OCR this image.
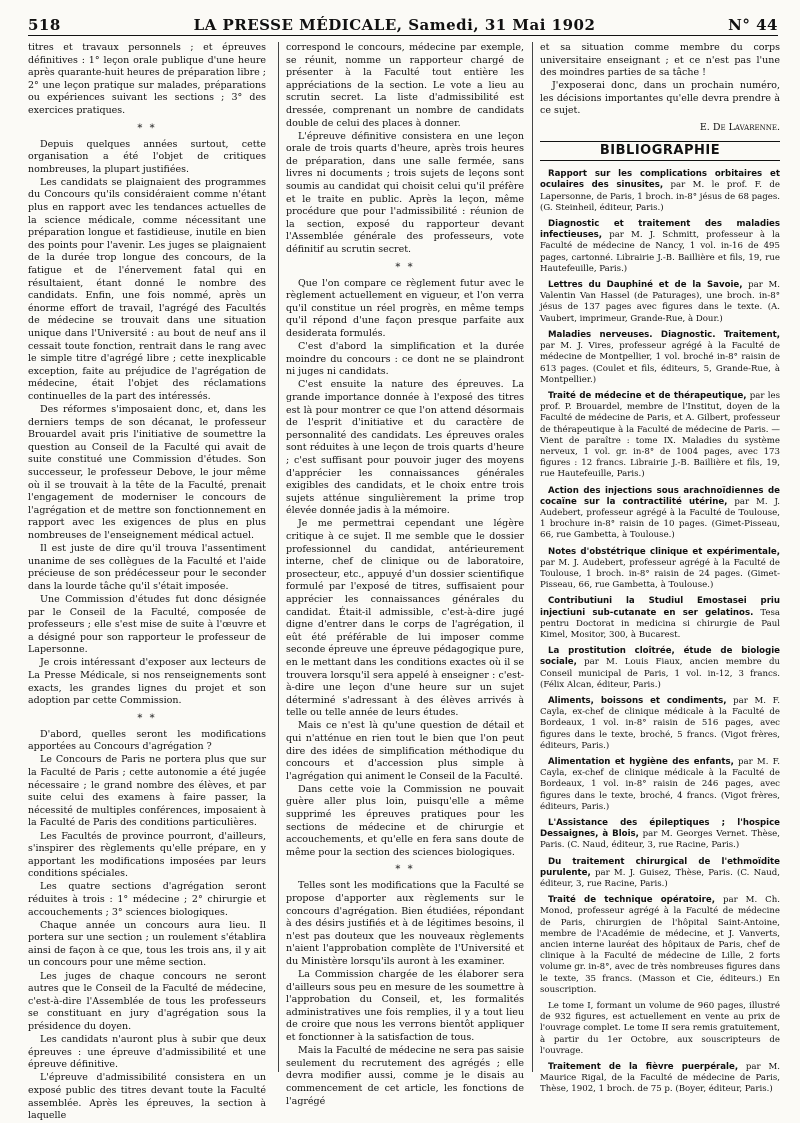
518	LA PRESSE MÉDICALE, Samedi, 31 Mai 1902	N° 44

titres et travaux personnels ; et épreuves définitives : 1° leçon orale publique d'une heure après quarante-huit heures de préparation libre ; 2° une leçon pratique sur malades, préparations ou expériences suivant les sections ; 3° des exercices pratiques.

* *

Depuis quelques années surtout, cette organisation a été l'objet de critiques nombreuses, la plupart justifiées.

Les candidats se plaignaient des programmes du Concours qu'ils considéraient comme n'étant plus en rapport avec les tendances actuelles de la science médicale, comme nécessitant une préparation longue et fastidieuse, inutile en bien des points pour l'avenir. Les juges se plaignaient de la durée trop longue des concours, de la fatigue et de l'énervement fatal qui en résultaient, étant donné le nombre des candidats. Enfin, une fois nommé, après un énorme effort de travail, l'agrégé des Facultés de médecine se trouvait dans une situation unique dans l'Université : au bout de neuf ans il cessait toute fonction, rentrait dans le rang avec le simple titre d'agrégé libre ; cette inexplicable exception, faite au préjudice de l'agrégation de médecine, était l'objet des réclamations continuelles de la part des intéressés.

Des réformes s'imposaient donc, et, dans les derniers temps de son décanat, le professeur Brouardel avait pris l'initiative de soumettre la question au Conseil de la Faculté qui avait de suite constitué une Commission d'études. Son successeur, le professeur Debove, le jour même où il se trouvait à la tête de la Faculté, prenait l'engagement de moderniser le concours de l'agrégation et de mettre son fonctionnement en rapport avec les exigences de plus en plus nombreuses de l'enseignement médical actuel.

Il est juste de dire qu'il trouva l'assentiment unanime de ses collègues de la Faculté et l'aide précieuse de son prédécesseur pour le seconder dans la lourde tâche qu'il s'était imposée.

Une Commission d'études fut donc désignée par le Conseil de la Faculté, composée de professeurs ; elle s'est mise de suite à l'œuvre et a désigné pour son rapporteur le professeur de Lapersonne.

Je crois intéressant d'exposer aux lecteurs de La Presse Médicale, si nos renseignements sont exacts, les grandes lignes du projet et son adoption par cette Commission.

* *

D'abord, quelles seront les modifications apportées au Concours d'agrégation ?

Le Concours de Paris ne portera plus que sur la Faculté de Paris ; cette autonomie a été jugée nécessaire ; le grand nombre des élèves, et par suite celui des examens à faire passer, la nécessité de multiples conférences, imposaient à la Faculté de Paris des conditions particulières.

Les Facultés de province pourront, d'ailleurs, s'inspirer des règlements qu'elle prépare, en y apportant les modifications imposées par leurs conditions spéciales.

Les quatre sections d'agrégation seront réduites à trois : 1° médecine ; 2° chirurgie et accouchements ; 3° sciences biologiques.

Chaque année un concours aura lieu. Il portera sur une section ; un roulement s'établira ainsi de façon à ce que, tous les trois ans, il y ait un concours pour une même section.

Les juges de chaque concours ne seront autres que le Conseil de la Faculté de médecine, c'est-à-dire l'Assemblée de tous les professeurs se constituant en jury d'agrégation sous la présidence du doyen.

Les candidats n'auront plus à subir que deux épreuves : une épreuve d'admissibilité et une épreuve définitive.

L'épreuve d'admissibilité consistera en un exposé public des titres devant toute la Faculté assemblée. Après les épreuves, la section à laquelle

correspond le concours, médecine par exemple, se réunit, nomme un rapporteur chargé de présenter à la Faculté tout entière les appréciations de la section. Le vote a lieu au scrutin secret. La liste d'admissibilité est dressée, comprenant un nombre de candidats double de celui des places à donner.

L'épreuve définitive consistera en une leçon orale de trois quarts d'heure, après trois heures de préparation, dans une salle fermée, sans livres ni documents ; trois sujets de leçons sont soumis au candidat qui choisit celui qu'il préfère et le traite en public. Après la leçon, même procédure que pour l'admissibilité : réunion de la section, exposé du rapporteur devant l'Assemblée générale des professeurs, vote définitif au scrutin secret.

* *

Que l'on compare ce règlement futur avec le règlement actuellement en vigueur, et l'on verra qu'il constitue un réel progrès, en même temps qu'il répond d'une façon presque parfaite aux desiderata formulés.

C'est d'abord la simplification et la durée moindre du concours : ce dont ne se plaindront ni juges ni candidats.

C'est ensuite la nature des épreuves. La grande importance donnée à l'exposé des titres est là pour montrer ce que l'on attend désormais de l'esprit d'initiative et du caractère de personnalité des candidats. Les épreuves orales sont réduites à une leçon de trois quarts d'heure ; c'est suffisant pour pouvoir juger des moyens d'apprécier les connaissances générales exigibles des candidats, et le choix entre trois sujets atténue singulièrement la prime trop élevée donnée jadis à la mémoire.

Je me permettrai cependant une légère critique à ce sujet. Il me semble que le dossier professionnel du candidat, antérieurement interne, chef de clinique ou de laboratoire, prosecteur, etc., appuyé d'un dossier scientifique formulé par l'exposé de titres, suffisaient pour apprécier les connaissances générales du candidat. Était-il admissible, c'est-à-dire jugé digne d'entrer dans le corps de l'agrégation, il eût été préférable de lui imposer comme seconde épreuve une épreuve pédagogique pure, en le mettant dans les conditions exactes où il se trouvera lorsqu'il sera appelé à enseigner : c'est-à-dire une leçon d'une heure sur un sujet déterminé s'adressant à des élèves arrivés à telle ou telle année de leurs études.

Mais ce n'est là qu'une question de détail et qui n'atténue en rien tout le bien que l'on peut dire des idées de simplification méthodique du concours et d'accession plus simple à l'agrégation qui animent le Conseil de la Faculté.

Dans cette voie la Commission ne pouvait guère aller plus loin, puisqu'elle a même supprimé les épreuves pratiques pour les sections de médecine et de chirurgie et accouchements, et qu'elle en fera sans doute de même pour la section des sciences biologiques.

* *

Telles sont les modifications que la Faculté se propose d'apporter aux règlements sur le concours d'agrégation. Bien étudiées, répondant à des désirs justifiés et à de légitimes besoins, il n'est pas douteux que les nouveaux règlements n'aient l'approbation complète de l'Université et du Ministère lorsqu'ils auront à les examiner.

La Commission chargée de les élaborer sera d'ailleurs sous peu en mesure de les soumettre à l'approbation du Conseil, et, les formalités administratives une fois remplies, il y a tout lieu de croire que nous les verrons bientôt appliquer et fonctionner à la satisfaction de tous.

Mais la Faculté de médecine ne sera pas saisie seulement du recrutement des agrégés ; elle devra modifier aussi, comme je le disais au commencement de cet article, les fonctions de l'agrégé

et sa situation comme membre du corps universitaire enseignant ; et ce n'est pas l'une des moindres parties de sa tâche !

J'exposerai donc, dans un prochain numéro, les décisions importantes qu'elle devra prendre à ce sujet.

E. De Lavarenne.
BIBLIOGRAPHIE

Rapport sur les complications orbitaires et oculaires des sinusites, par M. le prof. F. de Lapersonne, de Paris, 1 broch. in-8° jésus de 68 pages. (G. Steinheil, éditeur, Paris.)

Diagnostic et traitement des maladies infectieuses, par M. J. Schmitt, professeur à la Faculté de médecine de Nancy, 1 vol. in-16 de 495 pages, cartonné. Librairie J.-B. Baillière et fils, 19, rue Hautefeuille, Paris.)

Lettres du Dauphiné et de la Savoie, par M. Valentin Van Hassel (de Paturages), une broch. in-8° jésus de 137 pages avec figures dans le texte. (A. Vaubert, imprimeur, Grande-Rue, à Dour.)

Maladies nerveuses. Diagnostic. Traitement, par M. J. Vires, professeur agrégé à la Faculté de médecine de Montpellier, 1 vol. broché in-8° raisin de 613 pages. (Coulet et fils, éditeurs, 5, Grande-Rue, à Montpellier.)

Traité de médecine et de thérapeutique, par les prof. P. Brouardel, membre de l'Institut, doyen de la Faculté de médecine de Paris, et A. Gilbert, professeur de thérapeutique à la Faculté de médecine de Paris. — Vient de paraître : tome IX. Maladies du système nerveux, 1 vol. gr. in-8° de 1004 pages, avec 173 figures : 12 francs. Librairie J.-B. Baillière et fils, 19, rue Hautefeuille, Paris.)

Action des injections sous arachnoïdiennes de cocaïne sur la contractilité utérine, par M. J. Audebert, professeur agrégé à la Faculté de Toulouse, 1 brochure in-8° raisin de 10 pages. (Gimet-Pisseau, 66, rue Gambetta, à Toulouse.)

Notes d'obstétrique clinique et expérimentale, par M. J. Audebert, professeur agrégé à la Faculté de Toulouse, 1 broch. in-8° raisin de 24 pages. (Gimet-Pisseau, 66, rue Gambetta, à Toulouse.)

Contributiuni la Studiul Emostasei priu injectiuni sub-cutanate en ser gelatinos. Tesa pentru Doctorat in medicina si chirurgie de Paul Kimel, Mositor, 300, à Bucarest.

La prostitution cloîtrée, étude de biologie sociale, par M. Louis Fiaux, ancien membre du Conseil municipal de Paris, 1 vol. in-12, 3 francs. (Félix Alcan, éditeur, Paris.)

Aliments, boissons et condiments, par M. F. Cayla, ex-chef de clinique médicale à la Faculté de Bordeaux, 1 vol. in-8° raisin de 516 pages, avec figures dans le texte, broché, 5 francs. (Vigot frères, éditeurs, Paris.)

Alimentation et hygiène des enfants, par M. F. Cayla, ex-chef de clinique médicale à la Faculté de Bordeaux, 1 vol. in-8° raisin de 246 pages, avec figures dans le texte, broché, 4 francs. (Vigot frères, éditeurs, Paris.)

L'Assistance des épileptiques ; l'hospice Dessaignes, à Blois, par M. Georges Vernet. Thèse, Paris. (C. Naud, éditeur, 3, rue Racine, Paris.)

Du traitement chirurgical de l'ethmoïdite purulente, par M. J. Guisez, Thèse, Paris. (C. Naud, éditeur, 3, rue Racine, Paris.)

Traité de technique opératoire, par M. Ch. Monod, professeur agrégé à la Faculté de médecine de Paris, chirurgien de l'hôpital Saint-Antoine, membre de l'Académie de médecine, et J. Vanverts, ancien interne lauréat des hôpitaux de Paris, chef de clinique à la Faculté de médecine de Lille, 2 forts volume gr. in-8°, avec de très nombreuses figures dans le texte, 35 francs. (Masson et Cie, éditeurs.) En souscription.

Le tome I, formant un volume de 960 pages, illustré de 932 figures, est actuellement en vente au prix de l'ouvrage complet. Le tome II sera remis gratuitement, à partir du 1er Octobre, aux souscripteurs de l'ouvrage.

Traitement de la fièvre puerpérale, par M. Maurice Rigal, de la Faculté de médecine de Paris, Thèse, 1902, 1 broch. de 75 p. (Boyer, éditeur, Paris.)
